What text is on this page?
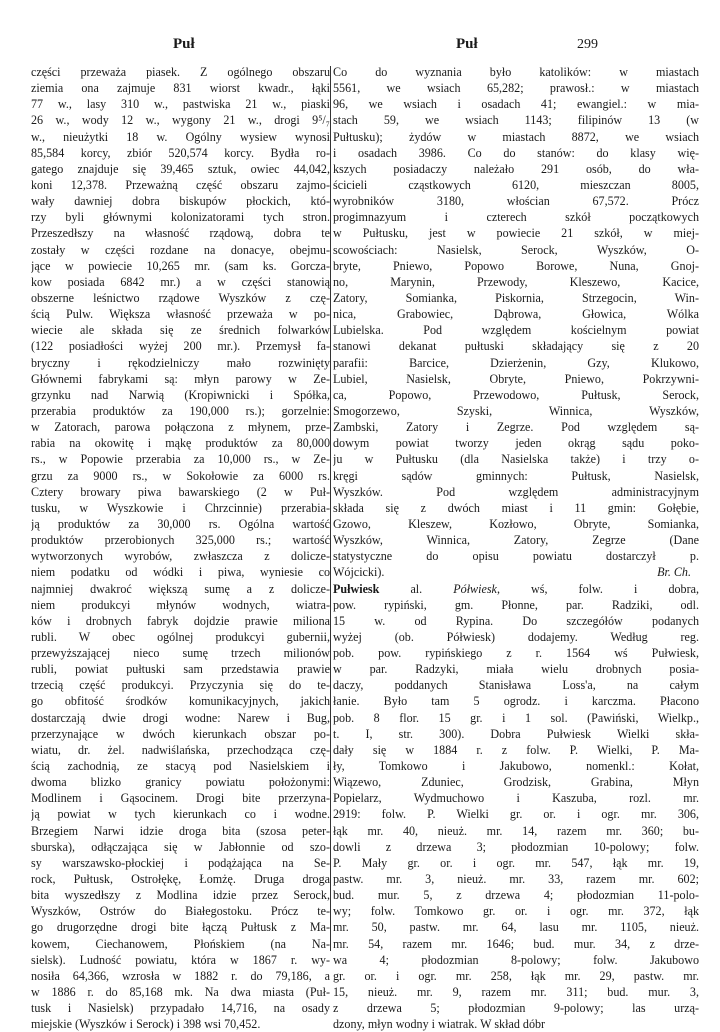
Puł	Puł	299
części przeważa piasek. Z ogólnego obszaru
ziemia ona zajmuje 831 wiorst kwadr., łąki
77 w., lasy 310 w., pastwiska 21 w., piaski
26 w., wody 12 w., wygony 21 w., drogi 9⁵/₇
w., nieużytki 18 w. Ogólny wysiew wynosi
85,584 korcy, zbiór 520,574 korcy. Bydła ro-
gatego znajduje się 39,465 sztuk, owiec 44,042,
koni 12,378. Przeważną część obszaru zajmo-
wały dawniej dobra biskupów płockich, któ-
rzy byli głównymi kolonizatorami tych stron.
Przeszedłszy na własność rządową, dobra te
zostały w części rozdane na donacye, obejmu-
jące w powiecie 10,265 mr. (sam ks. Gorcza-
kow posiada 6842 mr.) a w części stanowią
obszerne leśnictwo rządowe Wyszków z czę-
ścią Pulw. Większa własność przeważa w po-
wiecie ale składa się ze średnich folwarków
(122 posiadłości wyżej 200 mr.). Przemysł fa-
bryczny i rękodzielniczy mało rozwinięty
Głównemi fabrykami są: młyn parowy w Ze-
grzynku nad Narwią (Kropiwnicki i Spółka,
przerabia produktów za 190,000 rs.); gorzelnie:
w Zatorach, parowa połączona z młynem, prze-
rabia na okowitę i mąkę produktów za 80,000
rs., w Popowie przerabia za 10,000 rs., w Ze-
grzu za 9000 rs., w Sokołowie za 6000 rs.
Cztery browary piwa bawarskiego (2 w Puł-
tusku, w Wyszkowie i Chrzcinnie) przerabia-
ją produktów za 30,000 rs. Ogólna wartość
produktów przerobionych 325,000 rs.; wartość
wytworzonych wyrobów, zwłaszcza z dolicze-
niem podatku od wódki i piwa, wyniesie co
najmniej dwakroć większą sumę a z dolicze-
niem produkcyi młynów wodnych, wiatra-
ków i drobnych fabryk dojdzie prawie miliona
rubli. W obec ogólnej produkcyi gubernii,
przewyższającej nieco sumę trzech milionów
rubli, powiat pułtuski sam przedstawia prawie
trzecią część produkcyi. Przyczynia się do te-
go obfitość środków komunikacyjnych, jakich
dostarczają dwie drogi wodne: Narew i Bug,
przerzynające w dwóch kierunkach obszar po-
wiatu, dr. żel. nadwiślańska, przechodząca czę-
ścią zachodnią, ze stacyą pod Nasielskiem i
dwoma blizko granicy powiatu położonymi:
Modlinem i Gąsocinem. Drogi bite przerzyna-
ją powiat w tych kierunkach co i wodne.
Brzegiem Narwi idzie droga bita (szosa peter-
sburska), odłączająca się w Jabłonnie od szo-
sy warszawsko-płockiej i podążająca na Se-
rock, Pułtusk, Ostrołękę, Łomżę. Druga droga
bita wyszedłszy z Modlina idzie przez Serock,
Wyszków, Ostrów do Białegostoku. Prócz te-
go drugorzędne drogi bite łączą Pułtusk z Ma-
kowem, Ciechanowem, Płońskiem (na Na-
sielsk). Ludność powiatu, która w 1867 r. wy-
nosiła 64,366, wzrosła w 1882 r. do 79,186, a
w 1886 r. do 85,168 mk. Na dwa miasta (Puł-
tusk i Nasielsk) przypadało 14,716, na osady
miejskie (Wyszków i Serock) i 398 wsi 70,452.
Co do wyznania było katolików: w miastach
5561, we wsiach 65,282; prawosł.: w miastach
96, we wsiach i osadach 41; ewangiel.: w mia-
stach 59, we wsiach 1143; filipinów 13 (w
Pułtusku); żydów w miastach 8872, we wsiach
i osadach 3986. Co do stanów: do klasy wię-
kszych posiadaczy należało 291 osób, do wła-
ścicieli cząstkowych 6120, mieszczan 8005,
wyrobników 3180, włościan 67,572. Prócz
progimnazyum i czterech szkół początkowych
w Pułtusku, jest w powiecie 21 szkół, w miej-
scowościach: Nasielsk, Serock, Wyszków, O-
bryte, Pniewo, Popowo Borowe, Nuna, Gnoj-
no, Marynin, Przewody, Kleszewo, Kacice,
Zatory, Somianka, Piskornia, Strzegocin, Win-
nica, Grabowiec, Dąbrowa, Głowica, Wólka
Lubielska. Pod względem kościelnym powiat
stanowi dekanat pułtuski składający się z 20
parafii: Barcice, Dzierżenin, Gzy, Klukowo,
Lubiel, Nasielsk, Obryte, Pniewo, Pokrzywni-
ca, Popowo, Przewodowo, Pułtusk, Serock,
Smogorzewo, Szyski, Winnica, Wyszków,
Zambski, Zatory i Zegrze. Pod względem są-
dowym powiat tworzy jeden okrąg sądu poko-
ju w Pułtusku (dla Nasielska także) i trzy o-
kręgi sądów gminnych: Pułtusk, Nasielsk,
Wyszków. Pod względem administracyjnym
składa się z dwóch miast i 11 gmin: Gołębie,
Gzowo, Kleszew, Kozłowo, Obryte, Somianka,
Wyszków, Winnica, Zatory, Zegrze (Dane
statystyczne do opisu powiatu dostarczył p.
Wójcicki).	Br. Ch.
Pułwiesk al. Półwiesk, wś, folw. i dobra,
pow. rypiński, gm. Płonne, par. Radziki, odl.
15 w. od Rypina. Do szczegółów podanych
wyżej (ob. Półwiesk) dodajemy. Według reg.
pob. pow. rypińskiego z r. 1564 wś Pułwiesk,
w par. Radzyki, miała wielu drobnych posia-
daczy, poddanych Stanisława Loss'a, na całym
łanie. Było tam 5 ogrodz. i karczma. Płacono
pob. 8 flor. 15 gr. i 1 sol. (Pawiński, Wielkp.,
t. I, str. 300). Dobra Pułwiesk Wielki skła-
dały się w 1884 r. z folw. P. Wielki, P. Ma-
ły, Tomkowo i Jakubowo, nomenkl.: Kołat,
Wiązewo, Zduniec, Grodzisk, Grabina, Młyn
Popielarz, Wydmuchowo i Kaszuba, rozl. mr.
2919: folw. P. Wielki gr. or. i ogr. mr. 306,
łąk mr. 40, nieuż. mr. 14, razem mr. 360; bu-
dowli z drzewa 3; płodozmian 10-polowy; folw.
P. Mały gr. or. i ogr. mr. 547, łąk mr. 19,
pastw. mr. 3, nieuż. mr. 33, razem mr. 602;
bud. mur. 5, z drzewa 4; płodozmian 11-polo-
wy; folw. Tomkowo gr. or. i ogr. mr. 372, łąk
mr. 50, pastw. mr. 64, lasu mr. 1105, nieuż.
mr. 54, razem mr. 1646; bud. mur. 34, z drze-
wa 4; płodozmian 8-polowy; folw. Jakubowo
gr. or. i ogr. mr. 258, łąk mr. 29, pastw. mr.
15, nieuż. mr. 9, razem mr. 311; bud. mur. 3,
z drzewa 5; płodozmian 9-polowy; las urzą-
dzony, młyn wodny i wiatrak. W skład dóbr
